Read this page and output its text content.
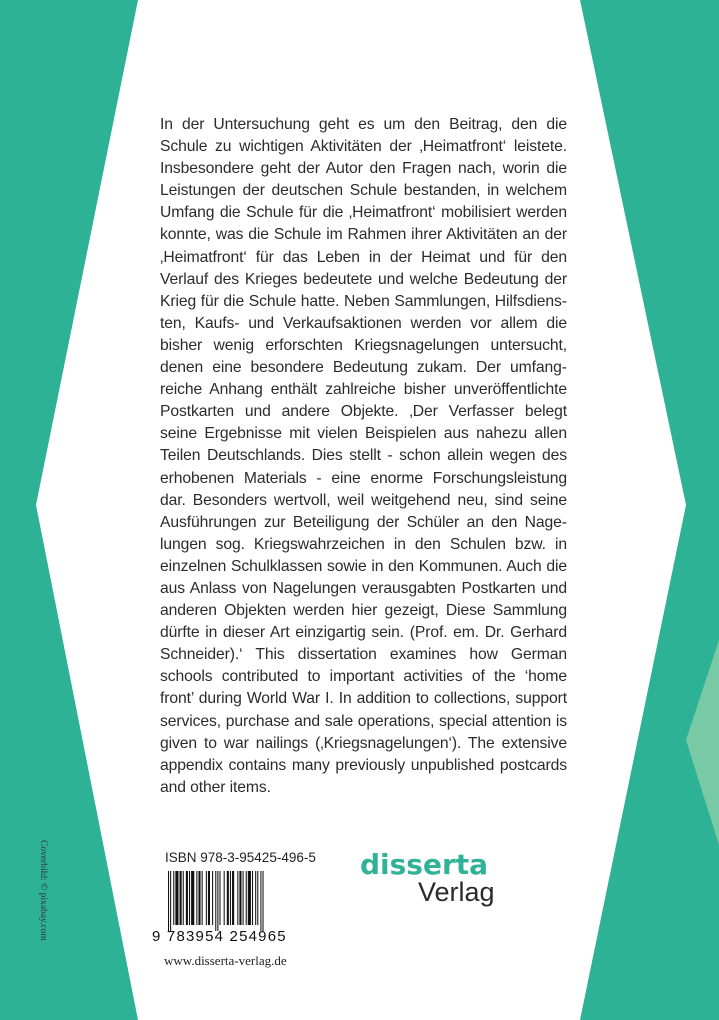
In der Untersuchung geht es um den Beitrag, den die Schule zu wichtigen Aktivitäten der ‚Heimatfront‘ leistete. Insbesondere geht der Autor den Fragen nach, worin die Leistungen der deutschen Schule bestanden, in welchem Umfang die Schule für die ‚Heimatfront‘ mobilisiert werden konnte, was die Schule im Rahmen ihrer Aktivitäten an der ‚Heimatfront‘ für das Leben in der Heimat und für den Verlauf des Krieges bedeutete und welche Bedeutung der Krieg für die Schule hatte. Neben Sammlungen, Hilfsdiensten, Kaufs- und Verkaufsaktionen werden vor allem die bisher wenig erforschten Kriegsnagelungen untersucht, denen eine besondere Bedeutung zukam. Der umfangreiche Anhang enthält zahlreiche bisher unveröffentlichte Postkarten und andere Objekte. ‚Der Verfasser belegt seine Ergebnisse mit vielen Beispielen aus nahezu allen Teilen Deutschlands. Dies stellt - schon allein wegen des erhobenen Materials - eine enorme Forschungsleistung dar. Besonders wertvoll, weil weitgehend neu, sind seine Ausführungen zur Beteiligung der Schüler an den Nagelungen sog. Kriegswahrzeichen in den Schulen bzw. in einzelnen Schulklassen sowie in den Kommunen. Auch die aus Anlass von Nagelungen verausgabten Postkarten und anderen Objekten werden hier gezeigt, Diese Sammlung dürfte in dieser Art einzigartig sein. (Prof. em. Dr. Gerhard Schneider).‘ This dissertation examines how German schools contributed to important activities of the ‘home front’ during World War I. In addition to collections, support services, purchase and sale operations, special attention is given to war nailings (‚Kriegsnagelungen‘). The extensive appendix contains many previously unpublished postcards and other items.

Coverbild: © pixabay.com	ISBN 978-3-95425-496-5
9 783954 254965
www.disserta-verlag.de
disserta
Verlag
